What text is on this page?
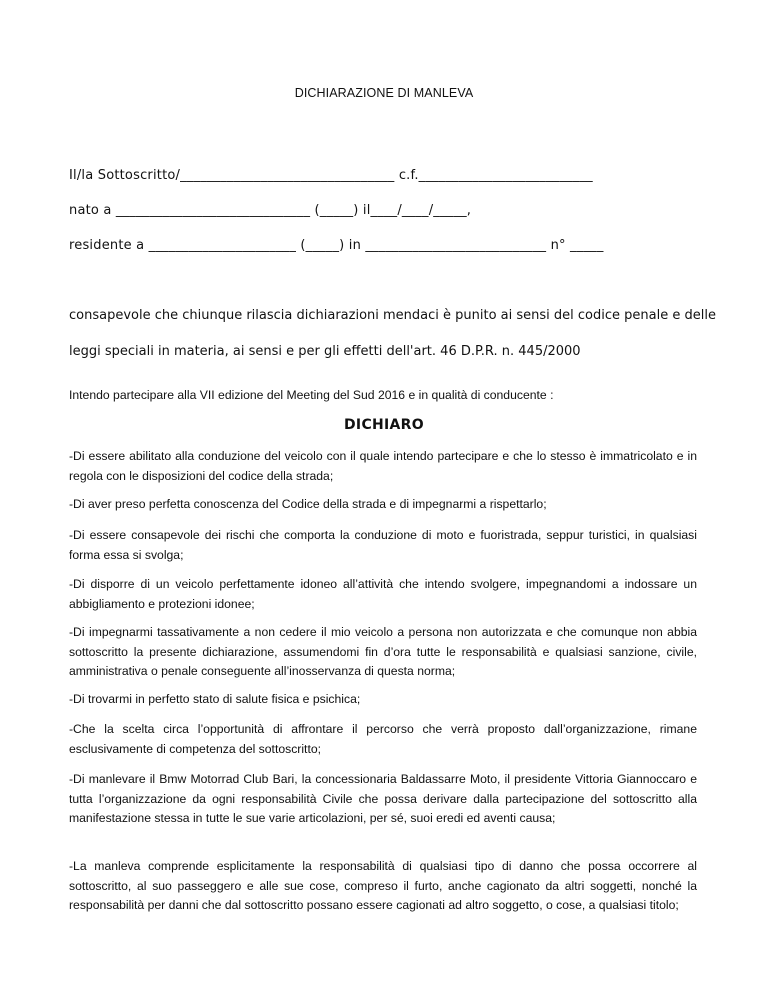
DICHIARAZIONE DI MANLEVA
Il/la Sottoscritto/________________________________ c.f.__________________________
nato a _____________________________ (_____) il____/____/_____,
residente a ______________________ (_____) in ___________________________ n° _____
consapevole che chiunque rilascia dichiarazioni mendaci è punito ai sensi del codice penale e delle
leggi speciali in materia, ai sensi e per gli effetti dell'art. 46 D.P.R. n. 445/2000
Intendo partecipare alla VII edizione del Meeting del Sud 2016 e in qualità di conducente :
DICHIARO
-Di essere abilitato alla conduzione del veicolo con il quale intendo partecipare e che lo stesso è immatricolato e in regola con le disposizioni del codice della strada;
-Di aver preso perfetta conoscenza del Codice della strada e di impegnarmi a rispettarlo;
-Di essere consapevole dei rischi che comporta la conduzione di moto e fuoristrada, seppur turistici, in qualsiasi forma essa si svolga;
-Di disporre di un veicolo perfettamente idoneo all’attività che intendo svolgere, impegnandomi a indossare un abbigliamento e protezioni idonee;
-Di impegnarmi tassativamente a non cedere il mio veicolo a persona non autorizzata e che comunque non abbia sottoscritto la presente dichiarazione, assumendomi fin d’ora tutte le responsabilità e qualsiasi sanzione, civile, amministrativa o penale conseguente all’inosservanza di questa norma;
-Di trovarmi in perfetto stato di salute fisica e psichica;
-Che la scelta circa l’opportunità di affrontare il percorso che verrà proposto dall’organizzazione, rimane esclusivamente di competenza del sottoscritto;
-Di manlevare il Bmw Motorrad Club Bari, la concessionaria Baldassarre Moto, il presidente Vittoria Giannoccaro e tutta l’organizzazione da ogni responsabilità Civile che possa derivare dalla partecipazione del sottoscritto alla manifestazione stessa in tutte le sue varie articolazioni, per sé, suoi eredi ed aventi causa;
-La manleva comprende esplicitamente la responsabilità di qualsiasi tipo di danno che possa occorrere al sottoscritto, al suo passeggero e alle sue cose, compreso il furto, anche cagionato da altri soggetti, nonché la responsabilità per danni che dal sottoscritto possano essere cagionati ad altro soggetto, o cose, a qualsiasi titolo;
